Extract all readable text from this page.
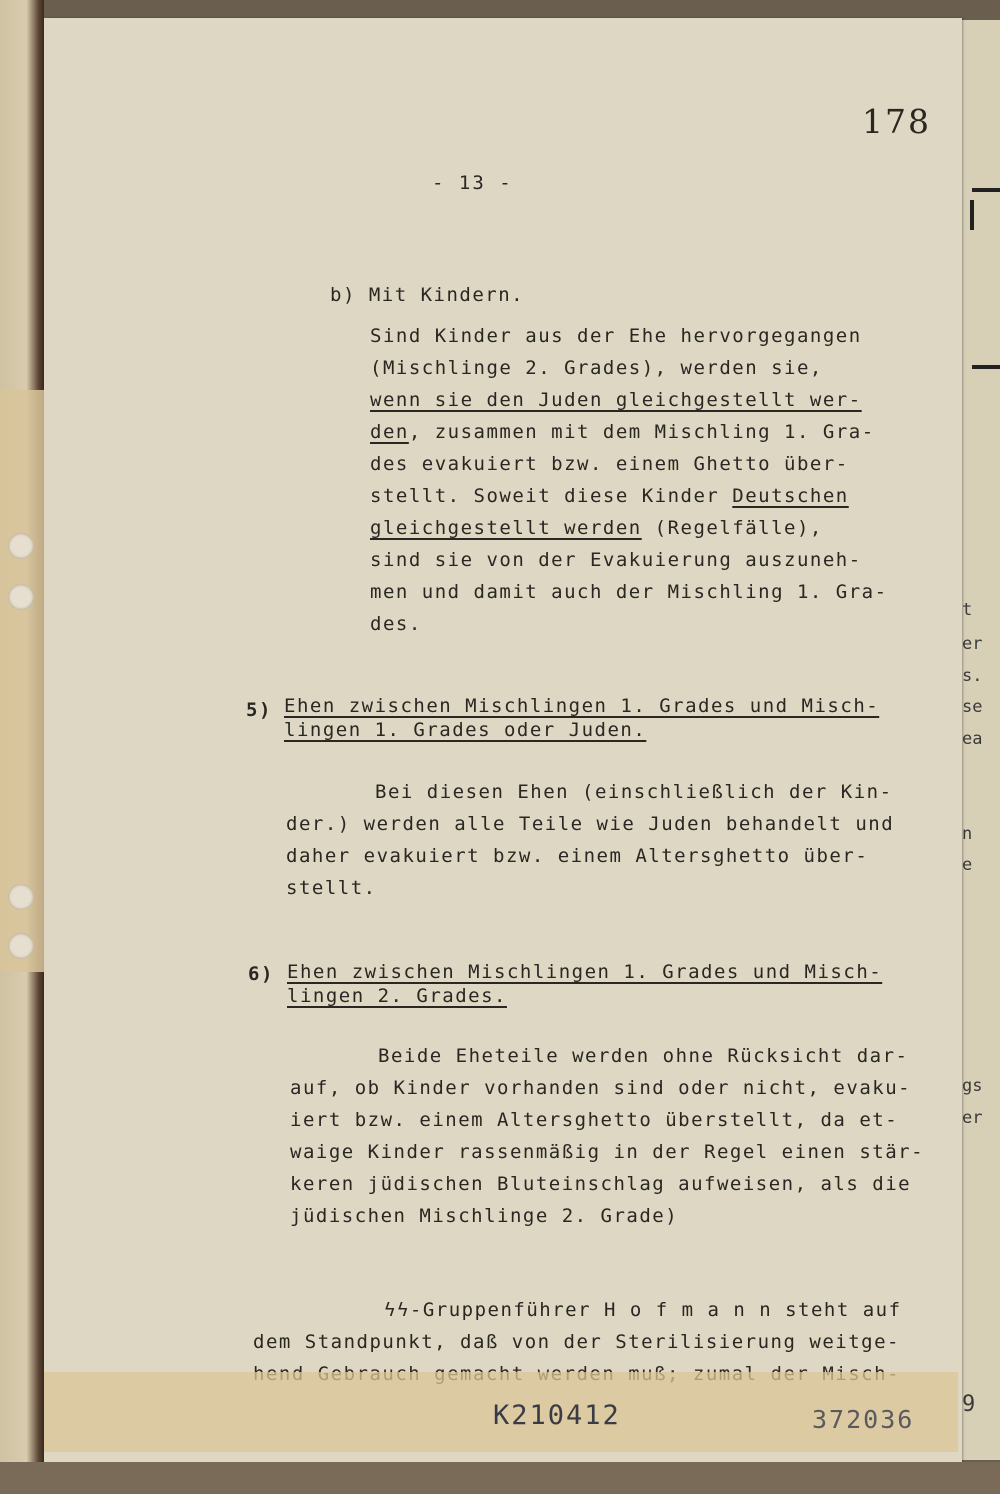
t
er
s.
se
ea
n
e
gs
er
9
178
- 13 -
b) Mit Kindern.
Sind Kinder aus der Ehe hervorgegangen
(Mischlinge 2. Grades), werden sie,
wenn sie den Juden gleichgestellt wer-
den, zusammen mit dem Mischling 1. Gra-
des evakuiert bzw. einem Ghetto über-
stellt. Soweit diese Kinder Deutschen
gleichgestellt werden (Regelfälle),
sind sie von der Evakuierung auszuneh-
men und damit auch der Mischling 1. Gra-
des.
5) Ehen zwischen Mischlingen 1. Grades und Misch-
lingen 1. Grades oder Juden.
Bei diesen Ehen (einschließlich der Kin-
der.) werden alle Teile wie Juden behandelt und
daher evakuiert bzw. einem Altersghetto über-
stellt.
6) Ehen zwischen Mischlingen 1. Grades und Misch-
lingen 2. Grades.
Beide Eheteile werden ohne Rücksicht dar-
auf, ob Kinder vorhanden sind oder nicht, evaku-
iert bzw. einem Altersghetto überstellt, da et-
waige Kinder rassenmäßig in der Regel einen stär-
keren jüdischen Bluteinschlag aufweisen, als die
jüdischen Mischlinge 2. Grade)
ϟϟ-Gruppenführer H o f m a n n steht auf
dem Standpunkt, daß von der Sterilisierung weitge-
K210412	372036
